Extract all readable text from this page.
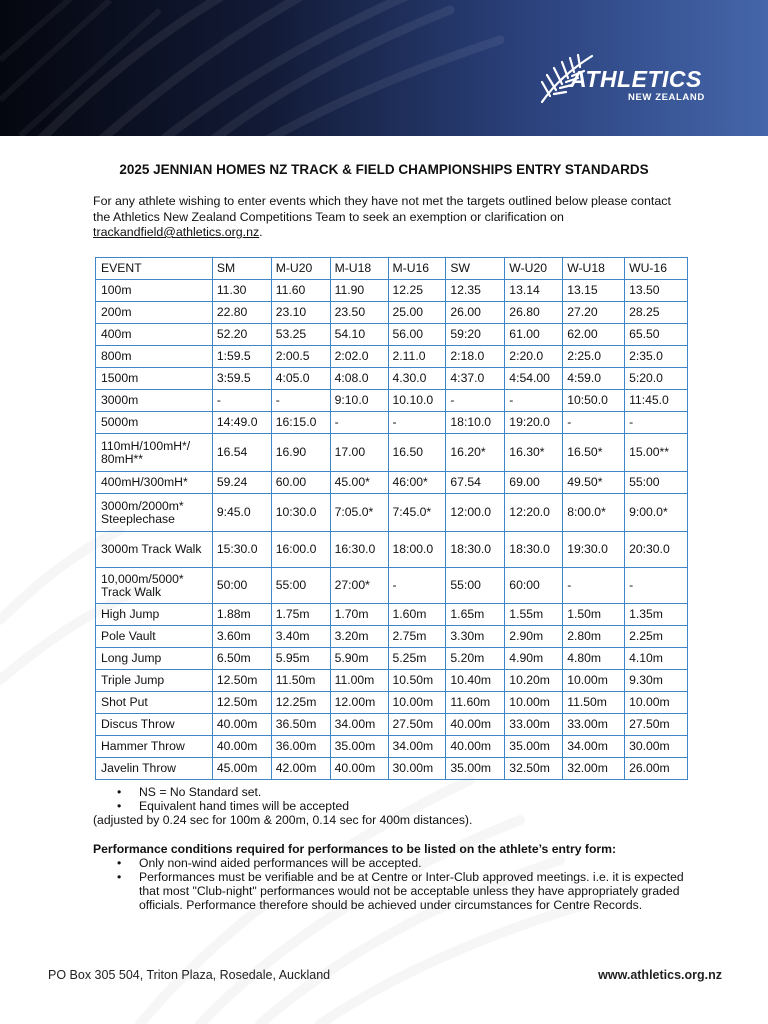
ATHLETICS
NEW ZEALAND
2025 JENNIAN HOMES NZ TRACK & FIELD CHAMPIONSHIPS ENTRY STANDARDS

For any athlete wishing to enter events which they have not met the targets outlined below please contact the Athletics New Zealand Competitions Team to seek an exemption or clarification on trackandfield@athletics.org.nz.

EVENT	SM	M-U20	M-U18	M-U16	SW	W-U20	W-U18	WU-16
100m	11.30	11.60	11.90	12.25	12.35	13.14	13.15	13.50
200m	22.80	23.10	23.50	25.00	26.00	26.80	27.20	28.25
400m	52.20	53.25	54.10	56.00	59:20	61.00	62.00	65.50
800m	1:59.5	2:00.5	2:02.0	2.11.0	2:18.0	2:20.0	2:25.0	2:35.0
1500m	3:59.5	4:05.0	4:08.0	4.30.0	4:37.0	4:54.00	4:59.0	5:20.0
3000m	-	-	9:10.0	10.10.0	-	-	10:50.0	11:45.0
5000m	14:49.0	16:15.0	-	-	18:10.0	19:20.0	-	-
110mH/100mH*/ 80mH**	16.54	16.90	17.00	16.50	16.20*	16.30*	16.50*	15.00**
400mH/300mH*	59.24	60.00	45.00*	46:00*	67.54	69.00	49.50*	55:00
3000m/2000m* Steeplechase	9:45.0	10:30.0	7:05.0*	7:45.0*	12:00.0	12:20.0	8:00.0*	9:00.0*
3000m Track Walk	15:30.0	16:00.0	16:30.0	18:00.0	18:30.0	18:30.0	19:30.0	20:30.0
10,000m/5000* Track Walk	50:00	55:00	27:00*	-	55:00	60:00	-	-
High Jump	1.88m	1.75m	1.70m	1.60m	1.65m	1.55m	1.50m	1.35m
Pole Vault	3.60m	3.40m	3.20m	2.75m	3.30m	2.90m	2.80m	2.25m
Long Jump	6.50m	5.95m	5.90m	5.25m	5.20m	4.90m	4.80m	4.10m
Triple Jump	12.50m	11.50m	11.00m	10.50m	10.40m	10.20m	10.00m	9.30m
Shot Put	12.50m	12.25m	12.00m	10.00m	11.60m	10.00m	11.50m	10.00m
Discus Throw	40.00m	36.50m	34.00m	27.50m	40.00m	33.00m	33.00m	27.50m
Hammer Throw	40.00m	36.00m	35.00m	34.00m	40.00m	35.00m	34.00m	30.00m
Javelin Throw	45.00m	42.00m	40.00m	30.00m	35.00m	32.50m	32.00m	26.00m
• NS = No Standard set.
• Equivalent hand times will be accepted
(adjusted by 0.24 sec for 100m & 200m, 0.14 sec for 400m distances).
Performance conditions required for performances to be listed on the athlete’s entry form:
• Only non-wind aided performances will be accepted.
• Performances must be verifiable and be at Centre or Inter-Club approved meetings. i.e. it is expected that most "Club-night" performances would not be acceptable unless they have appropriately graded officials. Performance therefore should be achieved under circumstances for Centre Records.
PO Box 305 504, Triton Plaza, Rosedale, Auckland	www.athletics.org.nz
